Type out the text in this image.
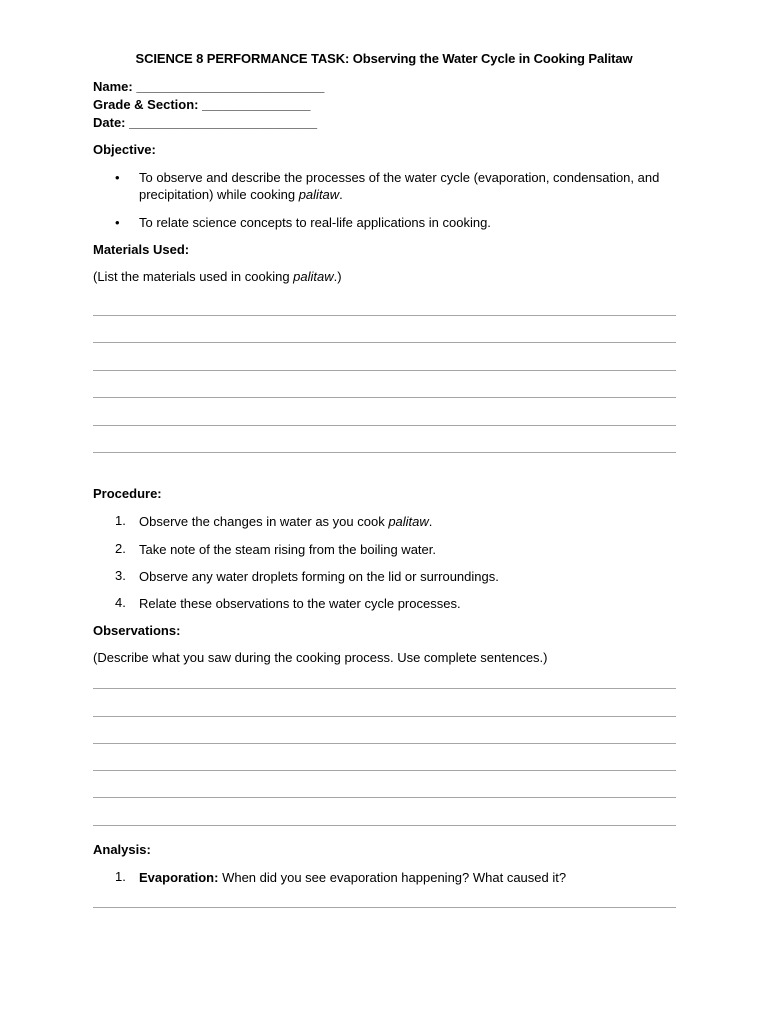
SCIENCE 8 PERFORMANCE TASK: Observing the Water Cycle in Cooking Palitaw
Name: __________________________
Grade & Section: _______________
Date: __________________________
Objective:
• To observe and describe the processes of the water cycle (evaporation, condensation, and precipitation) while cooking palitaw.
• To relate science concepts to real-life applications in cooking.
Materials Used:
(List the materials used in cooking palitaw.)
Procedure:
1. Observe the changes in water as you cook palitaw.
2. Take note of the steam rising from the boiling water.
3. Observe any water droplets forming on the lid or surroundings.
4. Relate these observations to the water cycle processes.
Observations:
(Describe what you saw during the cooking process. Use complete sentences.)
Analysis:
1. Evaporation: When did you see evaporation happening? What caused it?
